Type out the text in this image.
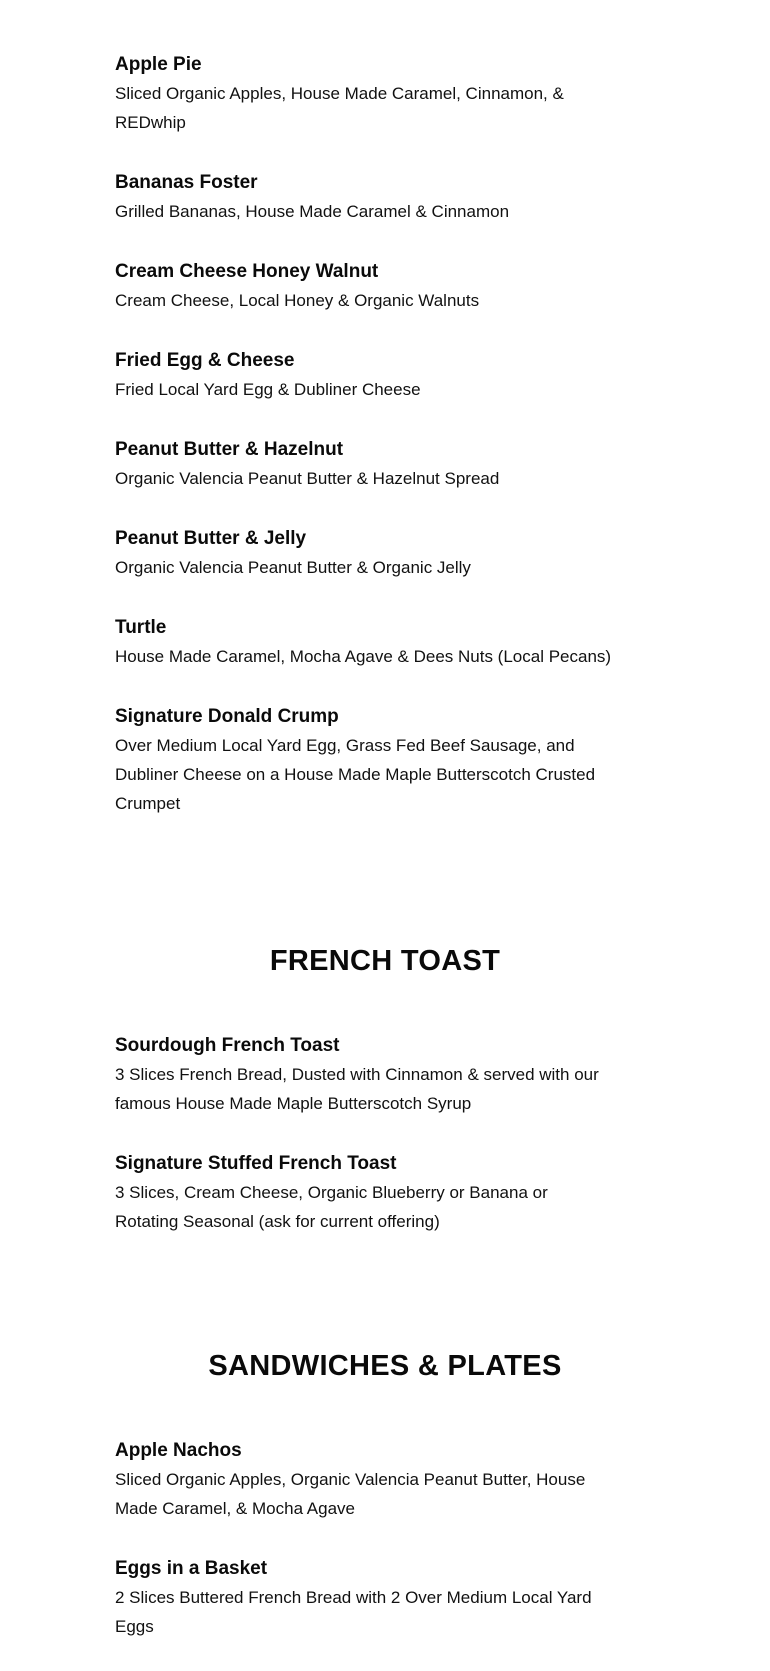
Apple Pie

Sliced Organic Apples, House Made Caramel, Cinnamon, & REDwhip

Bananas Foster

Grilled Bananas, House Made Caramel & Cinnamon

Cream Cheese Honey Walnut

Cream Cheese, Local Honey & Organic Walnuts

Fried Egg & Cheese

Fried Local Yard Egg & Dubliner Cheese

Peanut Butter & Hazelnut

Organic Valencia Peanut Butter & Hazelnut Spread

Peanut Butter & Jelly

Organic Valencia Peanut Butter & Organic Jelly

Turtle

House Made Caramel, Mocha Agave & Dees Nuts (Local Pecans)

Signature Donald Crump

Over Medium Local Yard Egg, Grass Fed Beef Sausage, and Dubliner Cheese on a House Made Maple Butterscotch Crusted Crumpet

FRENCH TOAST

Sourdough French Toast

3 Slices French Bread, Dusted with Cinnamon & served with our famous House Made Maple Butterscotch Syrup

Signature Stuffed French Toast

3 Slices, Cream Cheese, Organic Blueberry or Banana or Rotating Seasonal (ask for current offering)

SANDWICHES & PLATES

Apple Nachos

Sliced Organic Apples, Organic Valencia Peanut Butter, House Made Caramel, & Mocha Agave

Eggs in a Basket

2 Slices Buttered French Bread with 2 Over Medium Local Yard Eggs
